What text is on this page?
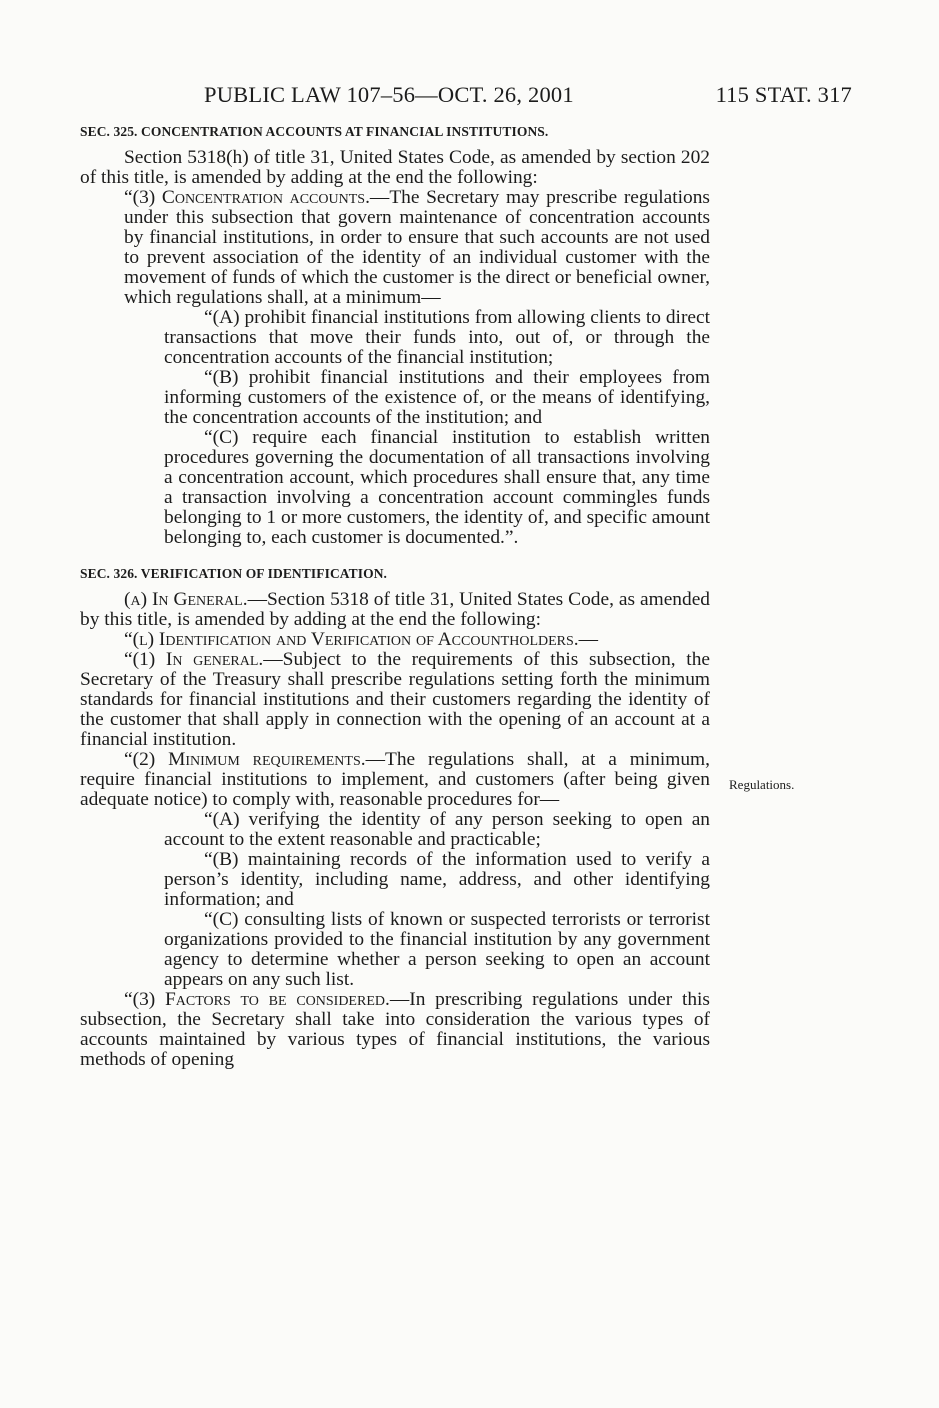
PUBLIC LAW 107–56—OCT. 26, 2001	115 STAT. 317
SEC. 325. CONCENTRATION ACCOUNTS AT FINANCIAL INSTITUTIONS.

Section 5318(h) of title 31, United States Code, as amended by section 202 of this title, is amended by adding at the end the following:

“(3) Concentration accounts.—The Secretary may prescribe regulations under this subsection that govern maintenance of concentration accounts by financial institutions, in order to ensure that such accounts are not used to prevent association of the identity of an individual customer with the movement of funds of which the customer is the direct or beneficial owner, which regulations shall, at a minimum—

“(A) prohibit financial institutions from allowing clients to direct transactions that move their funds into, out of, or through the concentration accounts of the financial institution;

“(B) prohibit financial institutions and their employees from informing customers of the existence of, or the means of identifying, the concentration accounts of the institution; and

“(C) require each financial institution to establish written procedures governing the documentation of all transactions involving a concentration account, which procedures shall ensure that, any time a transaction involving a concentration account commingles funds belonging to 1 or more customers, the identity of, and specific amount belonging to, each customer is documented.”.

SEC. 326. VERIFICATION OF IDENTIFICATION.

(a) In General.—Section 5318 of title 31, United States Code, as amended by this title, is amended by adding at the end the following:

“(l) Identification and Verification of Accountholders.—

“(1) In general.—Subject to the requirements of this subsection, the Secretary of the Treasury shall prescribe regulations setting forth the minimum standards for financial institutions and their customers regarding the identity of the customer that shall apply in connection with the opening of an account at a financial institution.

“(2) Minimum requirements.—The regulations shall, at a minimum, require financial institutions to implement, and customers (after being given adequate notice) to comply with, reasonable procedures for—

“(A) verifying the identity of any person seeking to open an account to the extent reasonable and practicable;

“(B) maintaining records of the information used to verify a person’s identity, including name, address, and other identifying information; and

“(C) consulting lists of known or suspected terrorists or terrorist organizations provided to the financial institution by any government agency to determine whether a person seeking to open an account appears on any such list.

“(3) Factors to be considered.—In prescribing regulations under this subsection, the Secretary shall take into consideration the various types of accounts maintained by various types of financial institutions, the various methods of opening

Regulations.
